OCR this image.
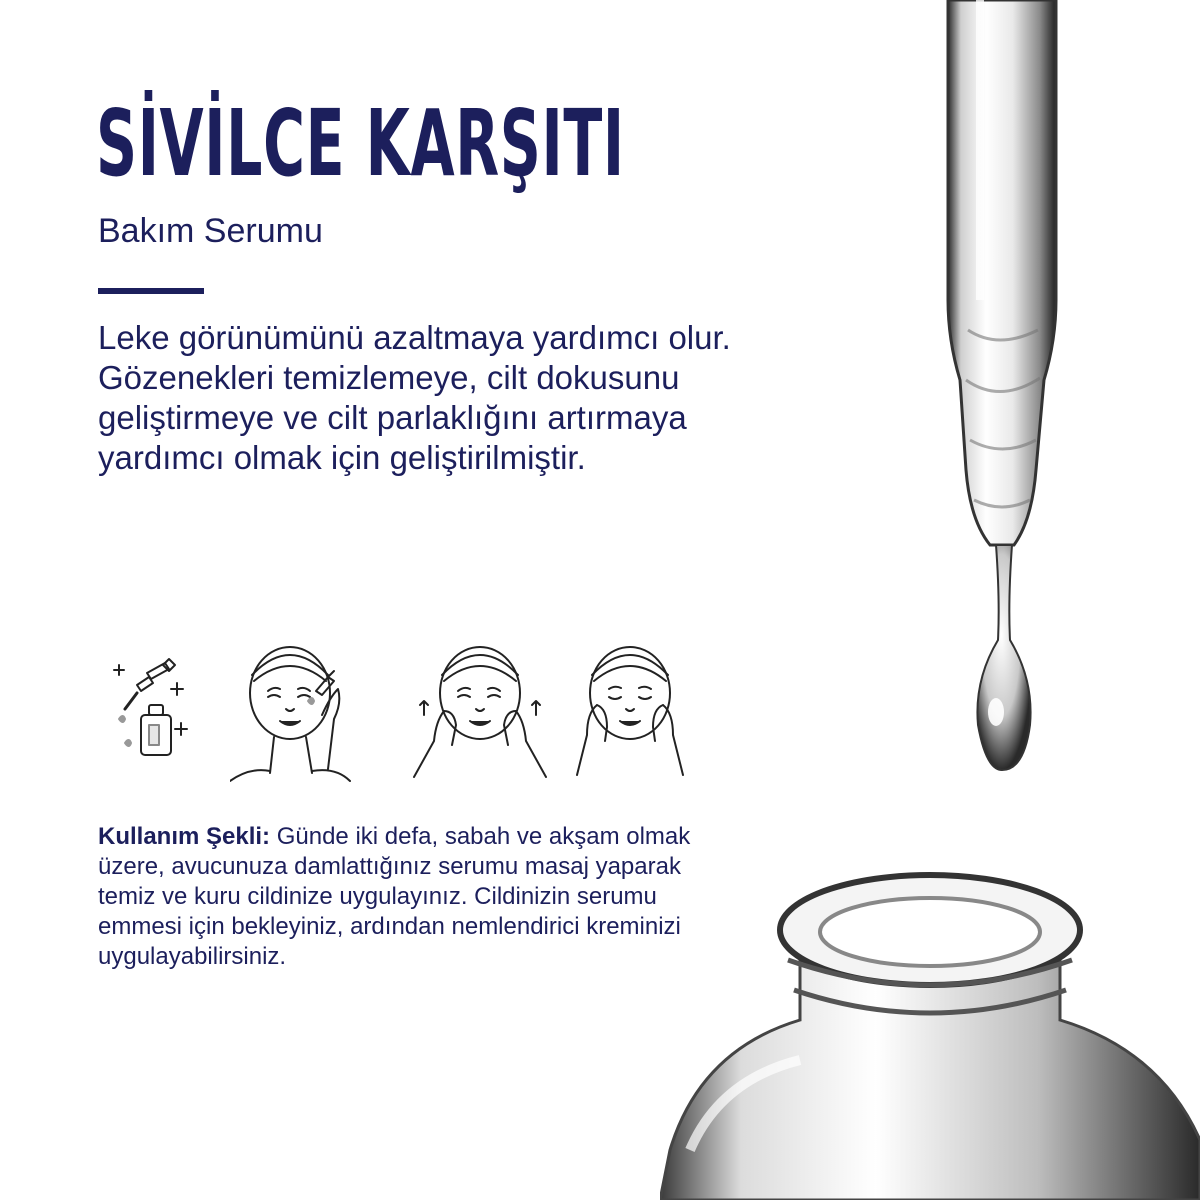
SİVİLCE KARŞITI
Bakım Serumu

Leke görünümünü azaltmaya yardımcı olur. Gözenekleri temizlemeye, cilt dokusunu geliştirmeye ve cilt parlaklığını artırmaya yardımcı olmak için geliştirilmiştir.

Kullanım Şekli: Günde iki defa, sabah ve akşam olmak üzere, avucunuza damlattığınız serumu masaj yaparak temiz ve kuru cildinize uygulayınız. Cildinizin serumu emmesi için bekleyiniz, ardından nemlendirici kreminizi uygulayabilirsiniz.
